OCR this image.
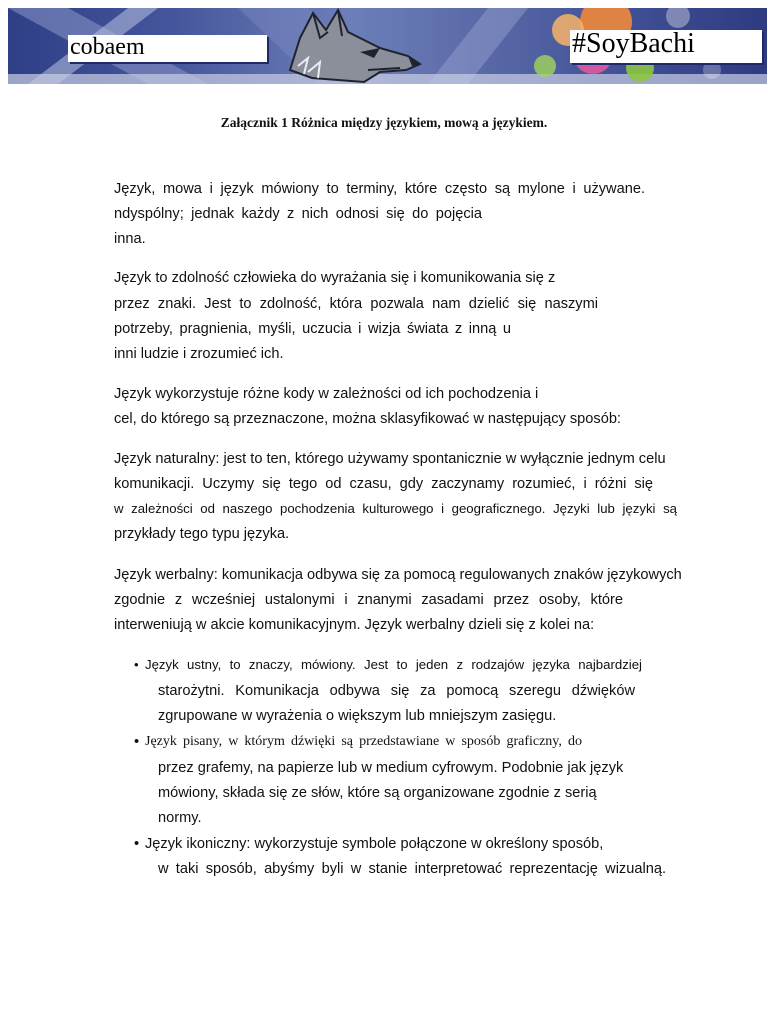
cobaem	#SoyBachi
Załącznik 1 Różnica między językiem, mową a językiem.
Język, mowa i język mówiony to terminy, które często są mylone i używane.
ndyspólny; jednak każdy z nich odnosi się do pojęcia
inna.
Język to zdolność człowieka do wyrażania się i komunikowania się z
przez znaki. Jest to zdolność, która pozwala nam dzielić się naszymi
potrzeby, pragnienia, myśli, uczucia i wizja świata z inną u
inni ludzie i zrozumieć ich.
Język wykorzystuje różne kody w zależności od ich pochodzenia i
cel, do którego są przeznaczone, można sklasyfikować w następujący sposób:
Język naturalny: jest to ten, którego używamy spontanicznie w wyłącznie jednym celu
komunikacji. Uczymy się tego od czasu, gdy zaczynamy rozumieć, i różni się
w zależności od naszego pochodzenia kulturowego i geograficznego. Języki lub języki są
przykłady tego typu języka.
Język werbalny: komunikacja odbywa się za pomocą regulowanych znaków językowych
zgodnie z wcześniej ustalonymi i znanymi zasadami przez osoby, które
interweniują w akcie komunikacyjnym. Język werbalny dzieli się z kolei na:
• Język ustny, to znaczy, mówiony. Jest to jeden z rodzajów języka najbardziej
starożytni. Komunikacja odbywa się za pomocą szeregu dźwięków
zgrupowane w wyrażenia o większym lub mniejszym zasięgu.
• Język pisany, w którym dźwięki są przedstawiane w sposób graficzny, do
przez grafemy, na papierze lub w medium cyfrowym. Podobnie jak język
mówiony, składa się ze słów, które są organizowane zgodnie z serią
normy.
• Język ikoniczny: wykorzystuje symbole połączone w określony sposób,
w taki sposób, abyśmy byli w stanie interpretować reprezentację wizualną.
